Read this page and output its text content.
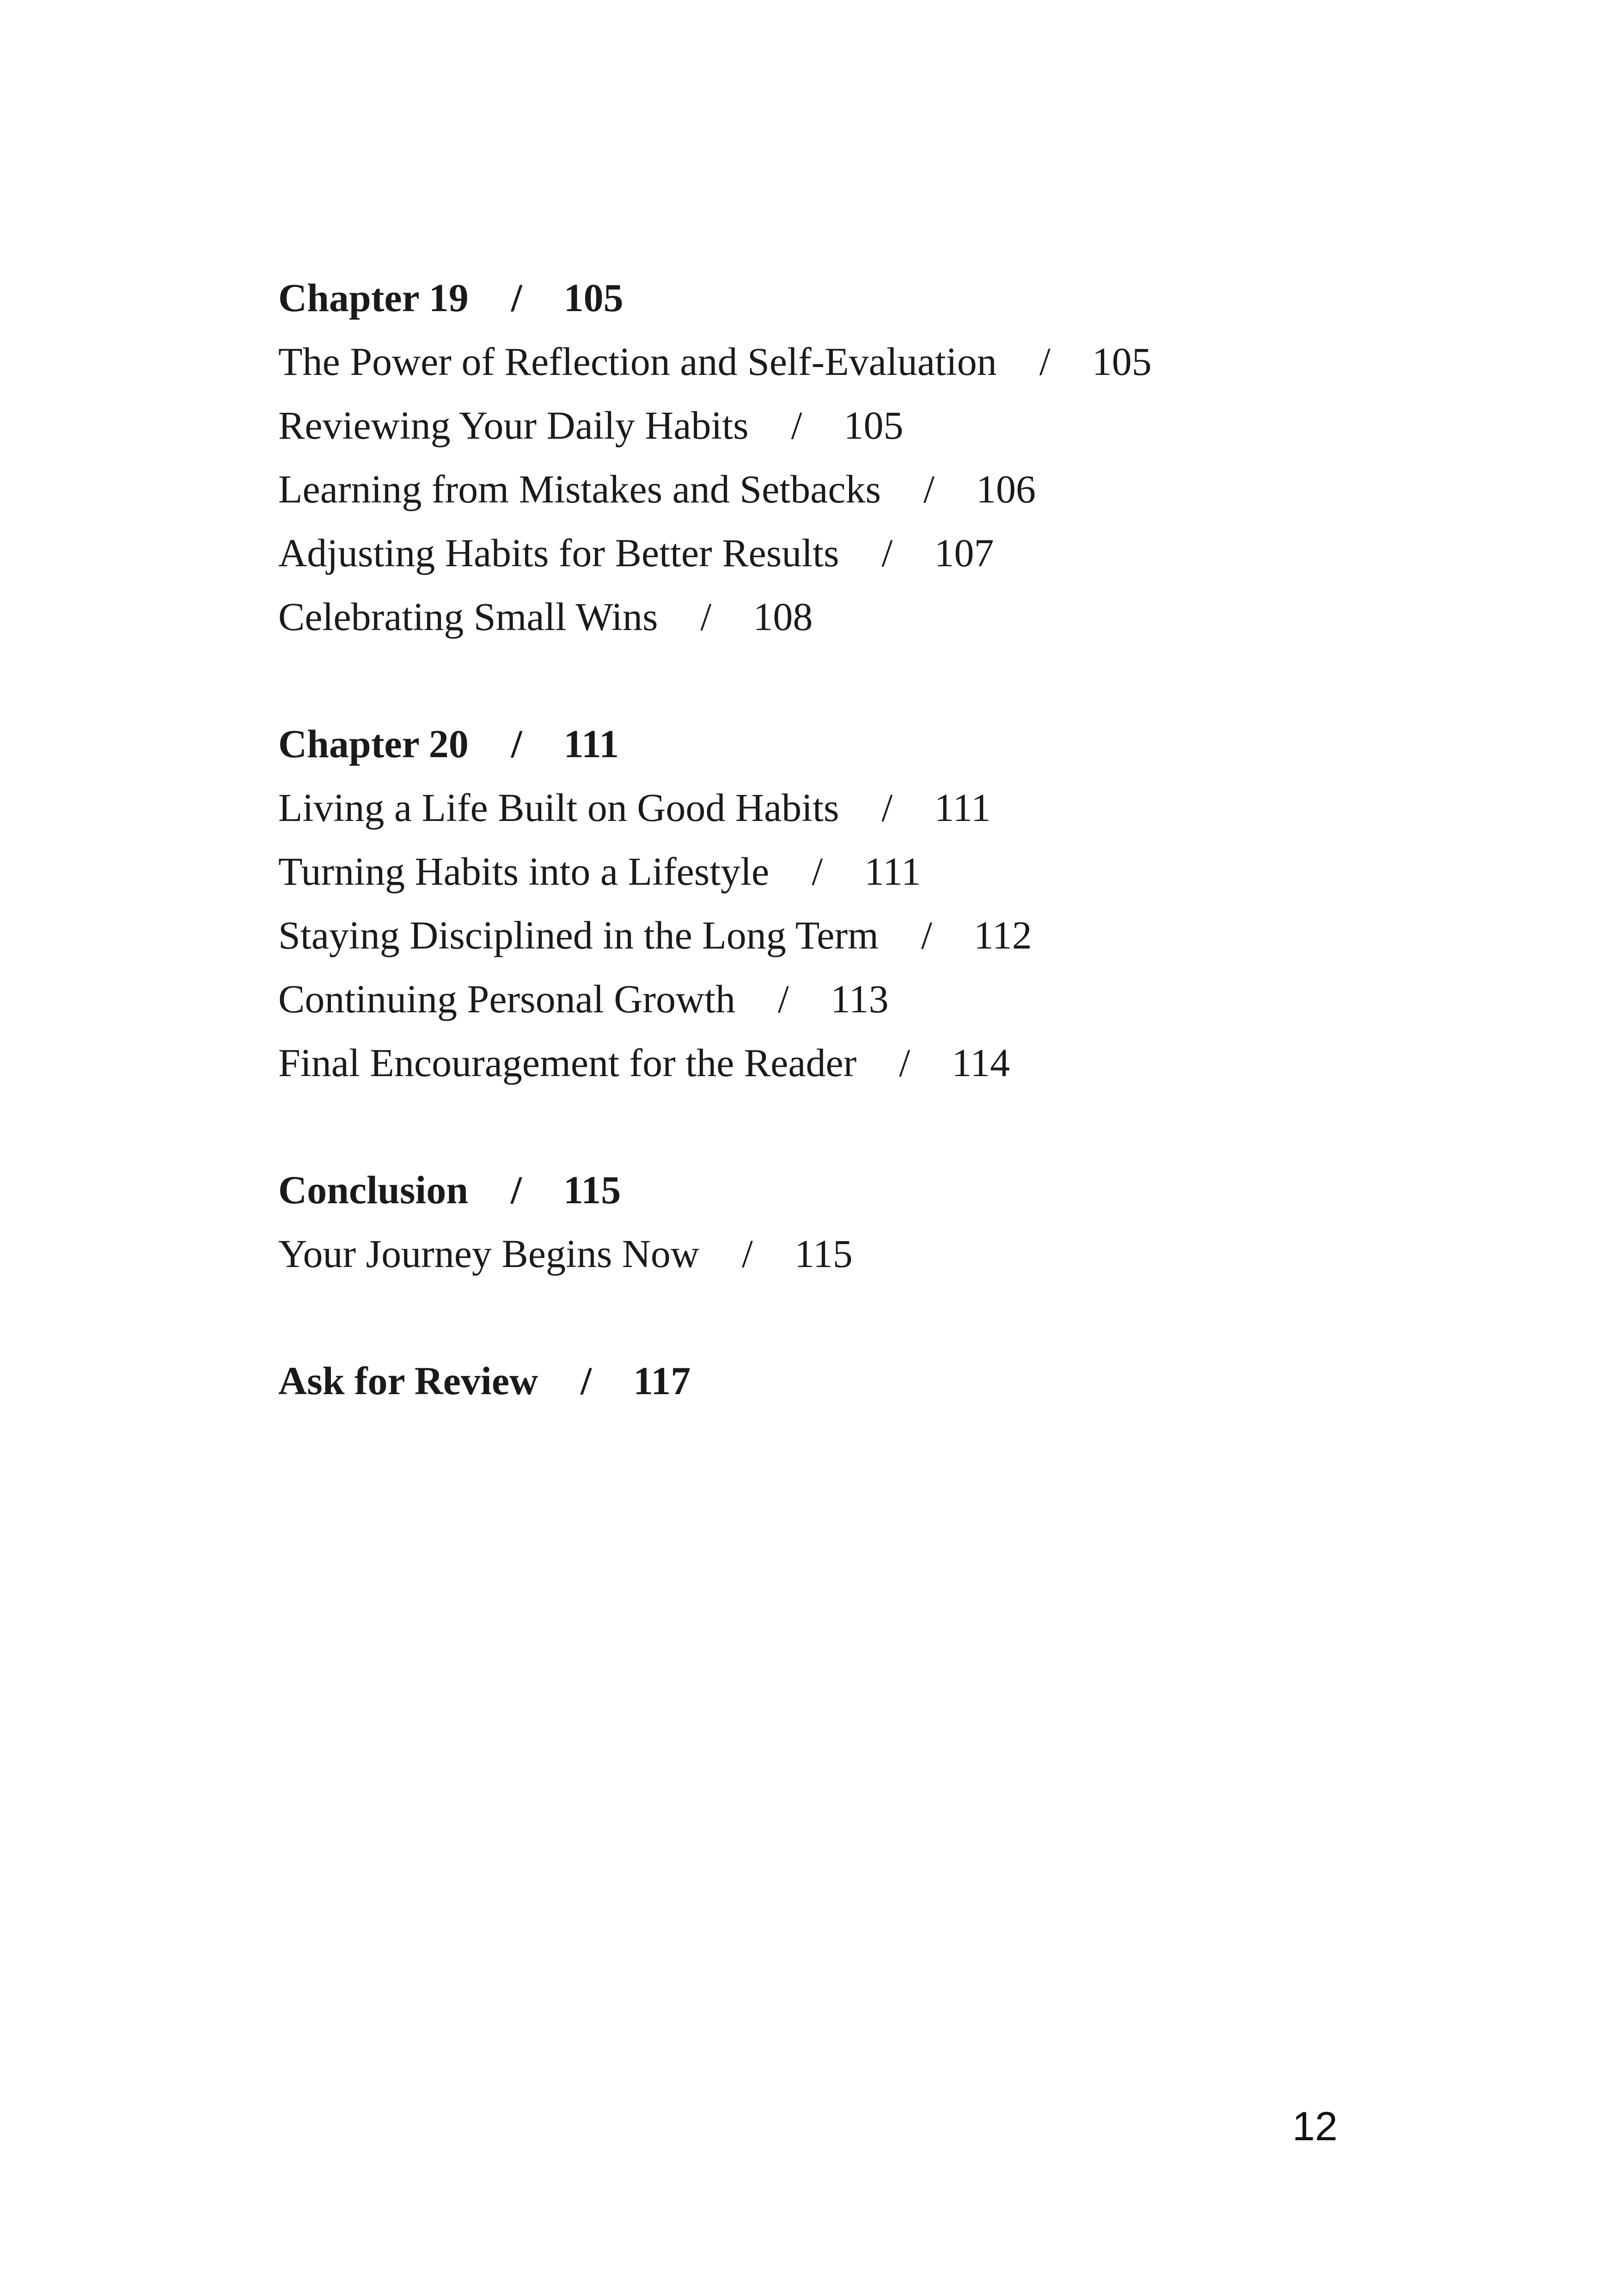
Chapter 19 / 105
The Power of Reflection and Self-Evaluation / 105
Reviewing Your Daily Habits / 105
Learning from Mistakes and Setbacks / 106
Adjusting Habits for Better Results / 107
Celebrating Small Wins / 108
Chapter 20 / 111
Living a Life Built on Good Habits / 111
Turning Habits into a Lifestyle / 111
Staying Disciplined in the Long Term / 112
Continuing Personal Growth / 113
Final Encouragement for the Reader / 114
Conclusion / 115
Your Journey Begins Now / 115
Ask for Review / 117
12
